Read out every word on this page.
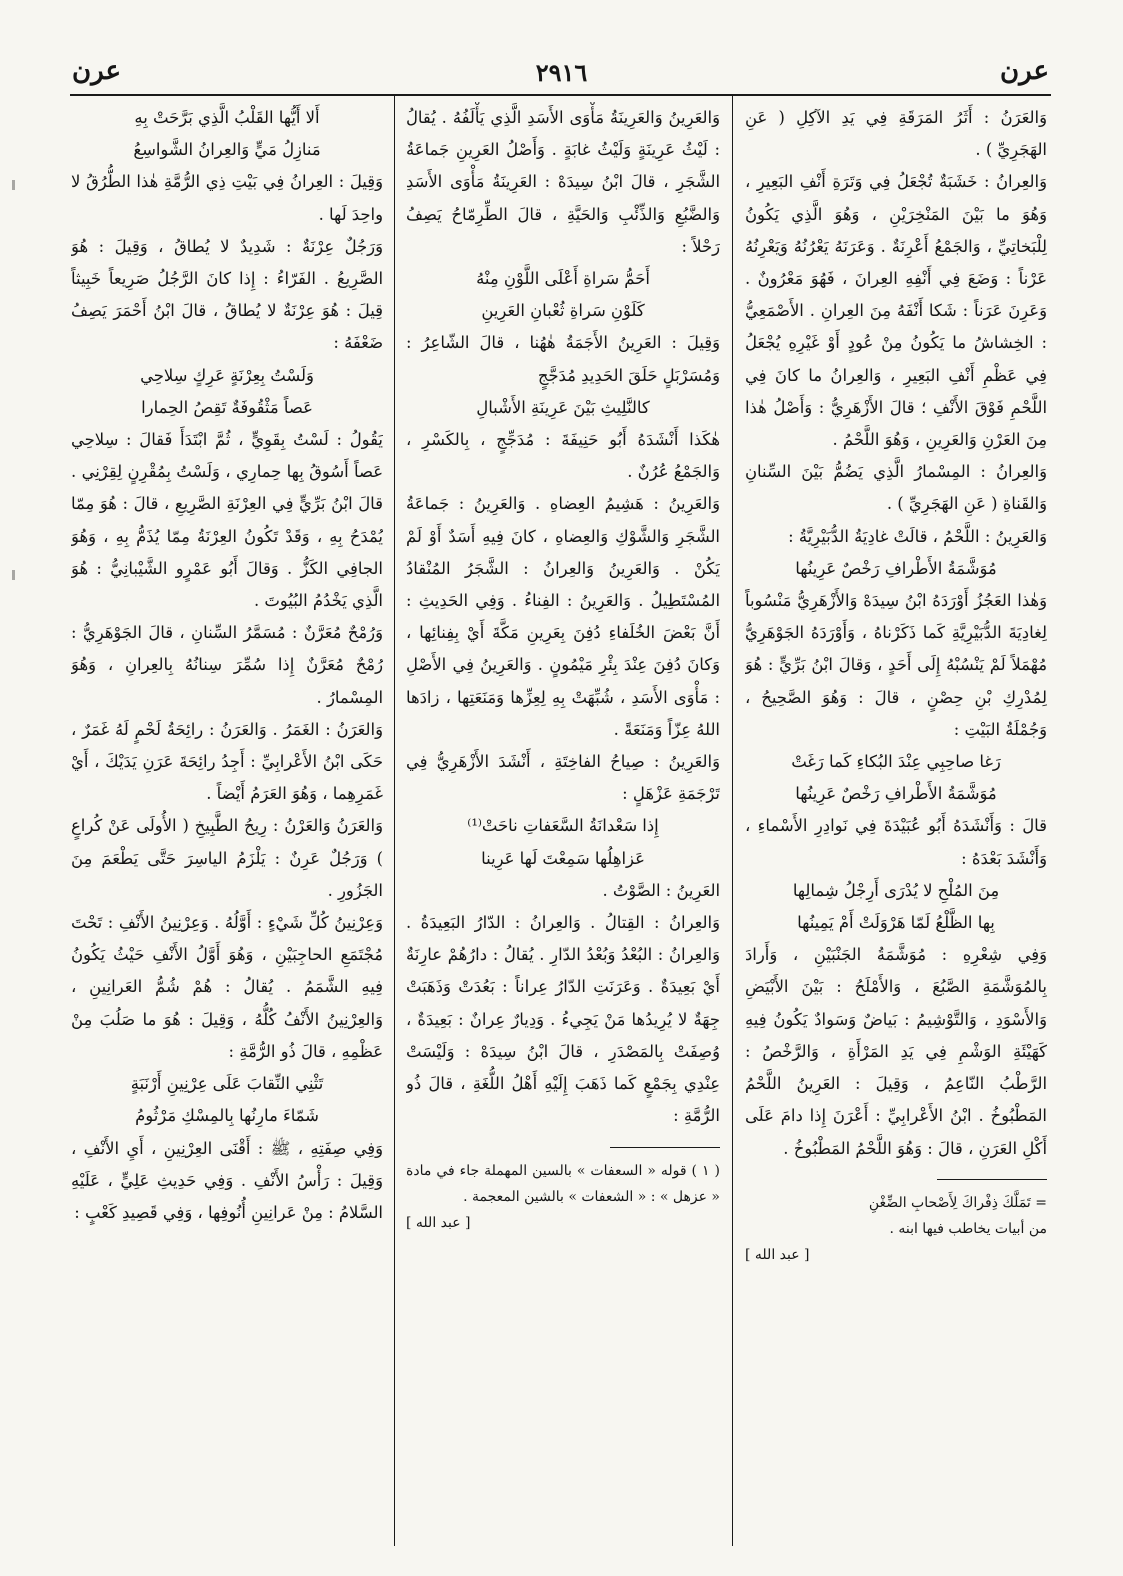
عرن
٢٩١٦
عرن

وَالعَرَنُ : أَثَرُ المَرَقَةِ فِي يَدِ الآكِلِ ( عَنِ الهَجَرِيِّ ) .

وَالعِرانُ : خَشَبَةٌ تُجْعَلُ فِي وَتَرَةِ أَنْفِ البَعِيرِ ، وَهُوَ ما بَيْنَ المَنْخِرَيْنِ ، وَهُوَ الَّذِي يَكُونُ لِلْبَخاتِيِّ ، وَالجَمْعُ أَعْرِنَةٌ . وَعَرَنَهُ يَعْرُنُهُ وَيَعْرِنُهُ عَرْناً : وَضَعَ فِي أَنْفِهِ العِرانَ ، فَهُوَ مَعْرُونٌ . وَعَرِنَ عَرَناً : شَكا أَنْفَهُ مِنَ العِرانِ . الأَصْمَعِيُّ : الخِشاشُ ما يَكُونُ مِنْ عُودٍ أَوْ غَيْرِهِ يُجْعَلُ فِي عَظْمِ أَنْفِ البَعِيرِ ، وَالعِرانُ ما كانَ فِي اللَّحْمِ فَوْقَ الأَنْفِ ؛ قالَ الأَزْهَرِيُّ : وَأَصْلُ هٰذا مِنَ العَرْنِ وَالعَرِينِ ، وَهُوَ اللَّحْمُ .

وَالعِرانُ : المِسْمارُ الَّذِي يَضُمُّ بَيْنَ السِّنانِ وَالقَناةِ ( عَنِ الهَجَرِيِّ ) .

وَالعَرِينُ : اللَّحْمُ ، قالَتْ غادِيَةُ الدُّبَيْرِيَّةُ :

مُوَشَّمَةُ الأَطْرافِ رَخْصٌ عَرِينُها

وَهٰذا العَجُزُ أَوْرَدَهُ ابْنُ سِيدَهْ وَالأَزْهَرِيُّ مَنْسُوباً لِغادِيَةَ الدُّبَيْرِيَّةِ كَما ذَكَرْناهُ ، وَأَوْرَدَهُ الجَوْهَرِيُّ مُهْمَلاً لَمْ يَنْسُبْهُ إِلَى أَحَدٍ ، وَقالَ ابْنُ بَرِّيٍّ : هُوَ لِمُدْرِكِ بْنِ حِصْنٍ ، قالَ : وَهُوَ الصَّحِيحُ ، وَجُمْلَةُ البَيْتِ :

رَغا صاحِبِي عِنْدَ البُكاءِ كَما رَغَتْ

مُوَشَّمَةُ الأَطْرافِ رَخْصٌ عَرِينُها

قالَ : وَأَنْشَدَهُ أَبُو عُبَيْدَةَ فِي نَوادِرِ الأَسْماءِ ، وَأَنْشَدَ بَعْدَهُ :

مِنَ المُلْحِ لا يُدْرَى أَرِجْلُ شِمالِها

بِها الظَّلْعُ لَمّا هَرْوَلَتْ أَمْ يَمِينُها

وَفِي شِعْرِهِ : مُوَشَّمَةُ الجَنْبَيْنِ ، وَأَرادَ بِالمُوَشَّمَةِ الصَّبُعَ ، وَالأَمْلَحُ : بَيْنَ الأَبْيَضِ وَالأَسْوَدِ ، وَالتَّوْشِيمُ : بَياضٌ وَسَوادٌ يَكُونُ فِيهِ كَهَيْئَةِ الوَشْمِ فِي يَدِ المَرْأَةِ ، وَالرَّخْصُ : الرَّطْبُ النّاعِمُ ، وَقِيلَ : العَرِينُ اللَّحْمُ المَطْبُوخُ . ابْنُ الأَعْرابِيِّ : أَعْرَنَ إِذا دامَ عَلَى أَكْلِ العَرَنِ ، قالَ : وَهُوَ اللَّحْمُ المَطْبُوخُ .

= تَمَلَّكَ ذِفْراكَ لِأَصْحابِ الضِّغْنِ

من أبيات يخاطب فيها ابنه .

[ عبد الله ]

وَالعَرِينُ وَالعَرِينَةُ مَأْوَى الأَسَدِ الَّذِي يَأْلَفُهُ . يُقالُ : لَيْثُ عَرِينَةٍ وَلَيْثُ غابَةٍ . وَأَصْلُ العَرِينِ جَماعَةُ الشَّجَرِ ، قالَ ابْنُ سِيدَهْ : العَرِينَةُ مَأْوَى الأَسَدِ وَالضَّبُعِ وَالذِّئْبِ وَالحَيَّةِ ، قالَ الطِّرِمّاحُ يَصِفُ رَحْلاً :

أَحَمُّ سَراةِ أَعْلَى اللَّوْنِ مِنْهُ

كَلَوْنِ سَراةِ ثُعْبانِ العَرِينِ

وَقِيلَ : العَرِينُ الأَجَمَةُ هٰهُنا ، قالَ الشّاعِرُ : وَمُسَرْبَلٍ حَلَقَ الحَدِيدِ مُدَجَّجٍ

كالنَّلِيثِ بَيْنَ عَرِينَةِ الأَشْبالِ

هٰكَذا أَنْشَدَهُ أَبُو حَنِيفَةَ : مُدَجِّجٍ ، بِالكَسْرِ ، وَالجَمْعُ عُرُنٌ .

وَالعَرِينُ : هَشِيمُ العِضاهِ . وَالعَرِينُ : جَماعَةُ الشَّجَرِ وَالشَّوْكِ وَالعِضاهِ ، كانَ فِيهِ أَسَدٌ أَوْ لَمْ يَكُنْ . وَالعَرِينُ وَالعِرانُ : الشَّجَرُ المُنْقادُ المُسْتَطِيلُ . وَالعَرِينُ : الفِناءُ . وَفِي الحَدِيثِ : أَنَّ بَعْضَ الخُلَفاءِ دُفِنَ بِعَرِينِ مَكَّةَ أَيْ بِفِنائِها ، وَكانَ دُفِنَ عِنْدَ بِئْرِ مَيْمُونٍ . وَالعَرِينُ فِي الأَصْلِ : مَأْوَى الأَسَدِ ، شُبِّهَتْ بِهِ لِعِزِّها وَمَنَعَتِها ، زادَها اللهُ عِزّاً وَمَنَعَةً .

وَالعَرِينُ : صِياحُ الفاخِتَةِ ، أَنْشَدَ الأَزْهَرِيُّ فِي تَرْجَمَةِ عَزْهَلٍ :

إِذا سَعْدانَةُ السَّعَفاتِ ناحَتْ⁽¹⁾

عَزاهِلُها سَمِعْتَ لَها عَرِينا

العَرِينُ : الصَّوْتُ .

وَالعِرانُ : القِتالُ . وَالعِرانُ : الدّارُ البَعِيدَةُ . وَالعِرانُ : البُعْدُ وَبُعْدُ الدّارِ . يُقالُ : دارُهُمْ عارِنَةٌ أَيْ بَعِيدَةٌ . وَعَرَنَتِ الدّارُ عِراناً : بَعُدَتْ وَذَهَبَتْ جِهَةٌ لا يُرِيدُها مَنْ يَجِيءُ . وَدِيارٌ عِرانٌ : بَعِيدَةٌ ، وُصِفَتْ بِالمَصْدَرِ ، قالَ ابْنُ سِيدَهْ : وَلَيْسَتْ عِنْدِي بِجَمْعٍ كَما ذَهَبَ إِلَيْهِ أَهْلُ اللُّغَةِ ، قالَ ذُو الرُّمَّةِ :

( ١ ) قوله « السعفات » بالسين المهملة جاء في مادة « عزهل » : « الشعفات » بالشين المعجمة .

[ عبد الله ]

أَلا أَيُّها القَلْبُ الَّذِي بَرَّحَتْ بِهِ

مَنازِلُ مَيٍّ وَالعِرانُ الشَّواسِعُ

وَقِيلَ : العِرانُ فِي بَيْتِ ذِي الرُّمَّةِ هٰذا الطُّرُقُ لا واحِدَ لَها .

وَرَجُلٌ عِرْنَةٌ : شَدِيدٌ لا يُطاقُ ، وَقِيلَ : هُوَ الصَّرِيعُ . الفَرّاءُ : إِذا كانَ الرَّجُلُ صَرِيعاً خَبِيثاً قِيلَ : هُوَ عِرْنَةٌ لا يُطاقُ ، قالَ ابْنُ أَحْمَرَ يَصِفُ ضَعْفَهُ :

وَلَسْتُ بِعِرْنَةٍ عَرِكٍ سِلاحِي

عَصاً مَثْقُوفَةٌ تَقِصُ الحِمارا

يَقُولُ : لَسْتُ بِقَوِيٍّ ، ثُمَّ ابْتَدَأَ فَقالَ : سِلاحِي عَصاً أَسُوقُ بِها حِمارِي ، وَلَسْتُ بِمُقْرِنٍ لِقِرْنِي . قالَ ابْنُ بَرِّيٍّ فِي العِرْنَةِ الصَّرِيعِ ، قالَ : هُوَ مِمّا يُمْدَحُ بِهِ ، وَقَدْ تَكُونُ العِرْنَةُ مِمّا يُذَمُّ بِهِ ، وَهُوَ الجافِي الكَزُّ . وَقالَ أَبُو عَمْرٍو الشَّيْبانِيُّ : هُوَ الَّذِي يَخْدُمُ البُيُوتَ .

وَرُمْحٌ مُعَرَّنٌ : مُسَمَّرُ السِّنانِ ، قالَ الجَوْهَرِيُّ : رُمْحٌ مُعَرَّنٌ إِذا سُمِّرَ سِنانُهُ بِالعِرانِ ، وَهُوَ المِسْمارُ .

وَالعَرَنُ : الغَمَرُ . وَالعَرَنُ : رائِحَةُ لَحْمٍ لَهُ غَمَرٌ ، حَكَى ابْنُ الأَعْرابِيِّ : أَجِدُ رائِحَةَ عَرَنِ يَدَيْكَ ، أَيْ غَمَرِهِما ، وَهُوَ العَرَمُ أَيْضاً .

وَالعَرَنُ وَالعَرْنُ : رِيحُ الطَّبِيخِ ( الأُولَى عَنْ كُراعٍ ) وَرَجُلٌ عَرِنٌ : يَلْزَمُ الياسِرَ حَتَّى يَطْعَمَ مِنَ الجَزُورِ .

وَعِرْنِينُ كُلِّ شَيْءٍ : أَوَّلُهُ . وَعِرْنِينُ الأَنْفِ : تَحْتَ مُجْتَمَعِ الحاجِبَيْنِ ، وَهُوَ أَوَّلُ الأَنْفِ حَيْثُ يَكُونُ فِيهِ الشَّمَمُ . يُقالُ : هُمْ شُمُّ العَرانِينِ ، وَالعِرْنِينُ الأَنْفُ كُلُّهُ ، وَقِيلَ : هُوَ ما صَلُبَ مِنْ عَظْمِهِ ، قالَ ذُو الرُّمَّةِ :

تَثْنِي النِّقابَ عَلَى عِرْنِينِ أَرْنَبَةٍ

شَمّاءَ مارِنُها بِالمِسْكِ مَرْثُومُ

وَفِي صِفَتِهِ ، ﷺ : أَقْنَى العِرْنِينِ ، أَيِ الأَنْفِ ، وَقِيلَ : رَأْسُ الأَنْفِ . وَفِي حَدِيثِ عَلِيٍّ ، عَلَيْهِ السَّلامُ : مِنْ عَرانِينِ أُنُوفِها ، وَفِي قَصِيدِ كَعْبٍ :
